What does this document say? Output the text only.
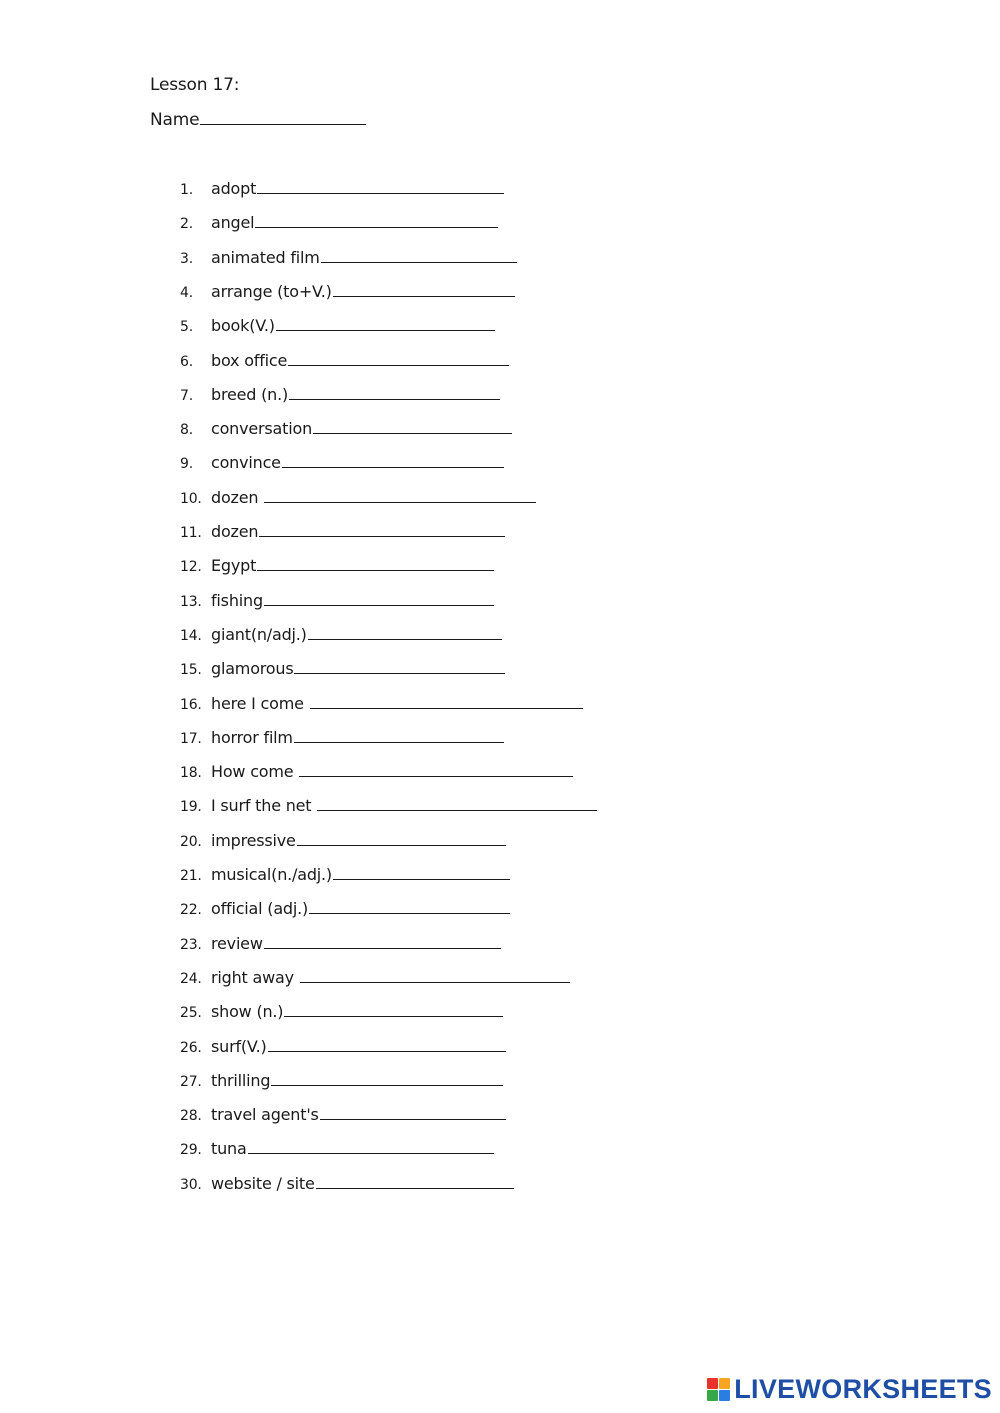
Lesson 17:
Name
1. adopt
2. angel
3. animated film
4. arrange (to+V.)
5. book(V.)
6. box office
7. breed (n.)
8. conversation
9. convince
10. dozen
11. dozen
12. Egypt
13. fishing
14. giant(n/adj.)
15. glamorous
16. here I come
17. horror film
18. How come
19. I surf the net
20. impressive
21. musical(n./adj.)
22. official (adj.)
23. review
24. right away
25. show (n.)
26. surf(V.)
27. thrilling
28. travel agent's
29. tuna
30. website / site
LIVEWORKSHEETS
